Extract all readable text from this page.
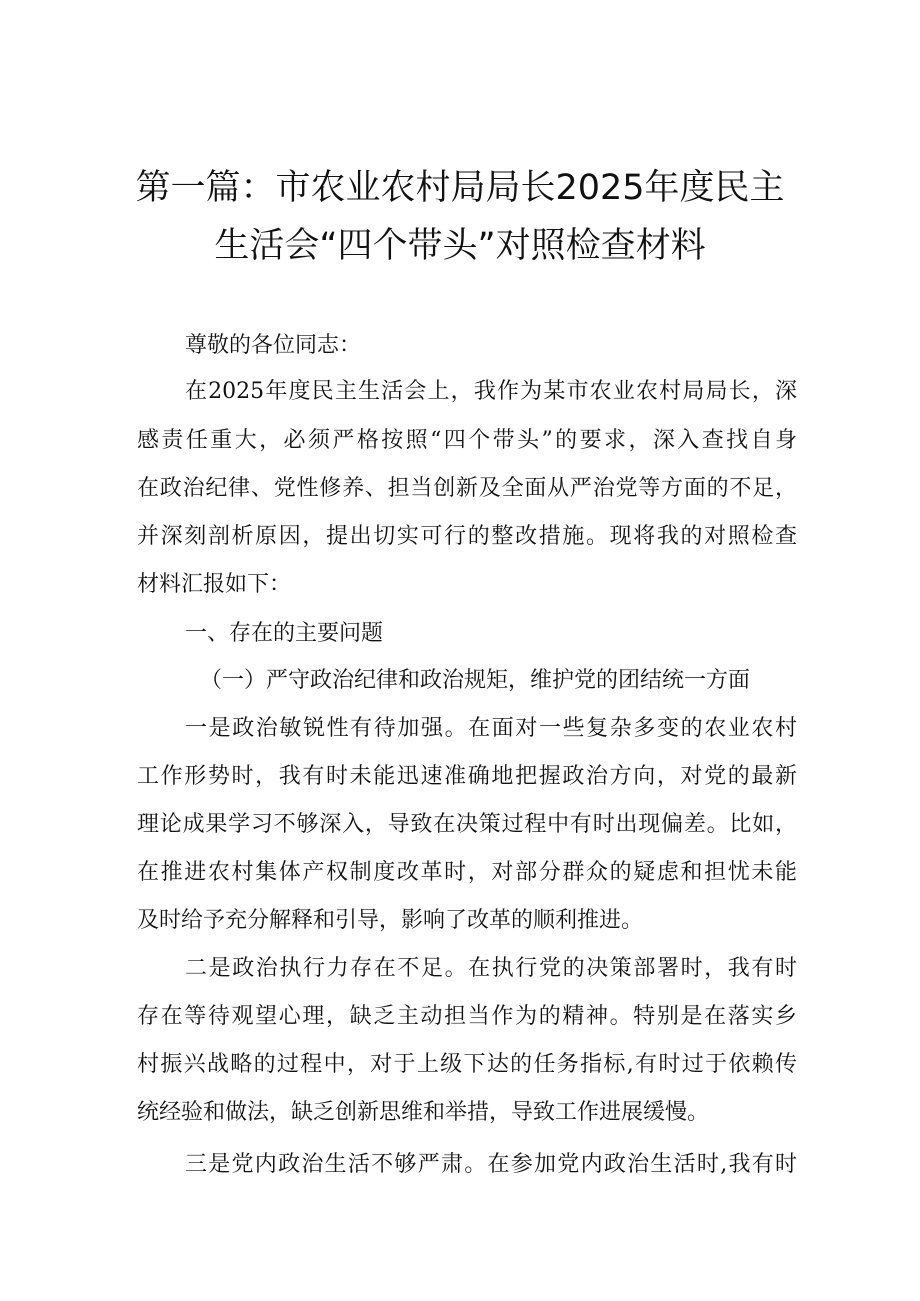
第一篇：市农业农村局局长2025年度民主
生活会“四个带头”对照检查材料
尊敬的各位同志：
在2025年度民主生活会上，我作为某市农业农村局局长，深
感责任重大，必须严格按照“四个带头”的要求，深入查找自身
在政治纪律、党性修养、担当创新及全面从严治党等方面的不足，
并深刻剖析原因，提出切实可行的整改措施。现将我的对照检查
材料汇报如下：
一、存在的主要问题
（一）严守政治纪律和政治规矩，维护党的团结统一方面
一是政治敏锐性有待加强。在面对一些复杂多变的农业农村
工作形势时，我有时未能迅速准确地把握政治方向，对党的最新
理论成果学习不够深入，导致在决策过程中有时出现偏差。比如，
在推进农村集体产权制度改革时，对部分群众的疑虑和担忧未能
及时给予充分解释和引导，影响了改革的顺利推进。
二是政治执行力存在不足。在执行党的决策部署时，我有时
存在等待观望心理，缺乏主动担当作为的精神。特别是在落实乡
村振兴战略的过程中，对于上级下达的任务指标,有时过于依赖传
统经验和做法，缺乏创新思维和举措，导致工作进展缓慢。
三是党内政治生活不够严肃。在参加党内政治生活时,我有时
